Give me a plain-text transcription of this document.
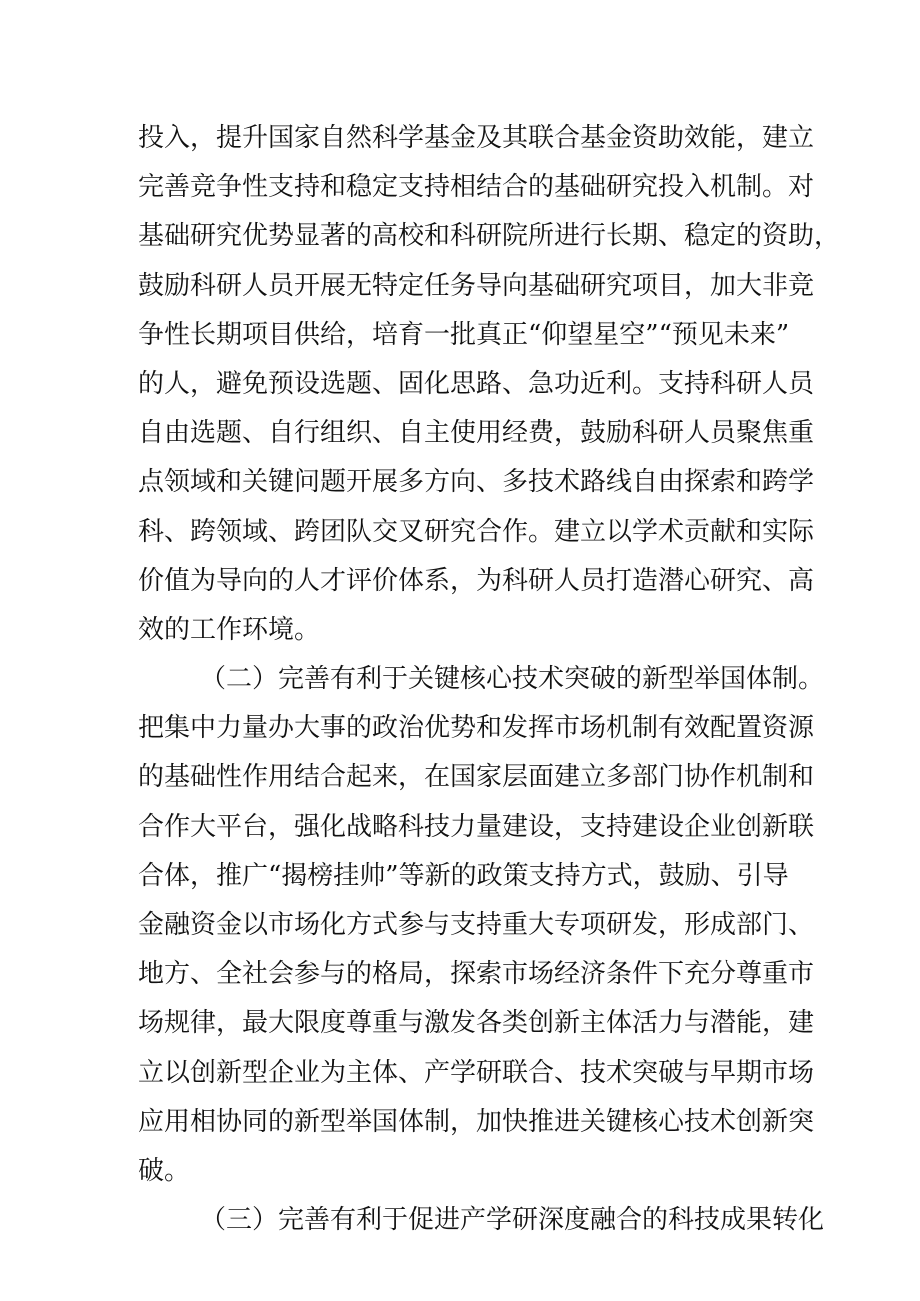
投入，提升国家自然科学基金及其联合基金资助效能，建立
完善竞争性支持和稳定支持相结合的基础研究投入机制。对
基础研究优势显著的高校和科研院所进行长期、稳定的资助，
鼓励科研人员开展无特定任务导向基础研究项目，加大非竞
争性长期项目供给，培育一批真正“仰望星空”“预见未来”
的人，避免预设选题、固化思路、急功近利。支持科研人员
自由选题、自行组织、自主使用经费，鼓励科研人员聚焦重
点领域和关键问题开展多方向、多技术路线自由探索和跨学
科、跨领域、跨团队交叉研究合作。建立以学术贡献和实际
价值为导向的人才评价体系，为科研人员打造潜心研究、高
效的工作环境。
（二）完善有利于关键核心技术突破的新型举国体制。
把集中力量办大事的政治优势和发挥市场机制有效配置资源
的基础性作用结合起来，在国家层面建立多部门协作机制和
合作大平台，强化战略科技力量建设，支持建设企业创新联
合体，推广“揭榜挂帅”等新的政策支持方式，鼓励、引导
金融资金以市场化方式参与支持重大专项研发，形成部门、
地方、全社会参与的格局，探索市场经济条件下充分尊重市
场规律，最大限度尊重与激发各类创新主体活力与潜能，建
立以创新型企业为主体、产学研联合、技术突破与早期市场
应用相协同的新型举国体制，加快推进关键核心技术创新突
破。
（三）完善有利于促进产学研深度融合的科技成果转化
